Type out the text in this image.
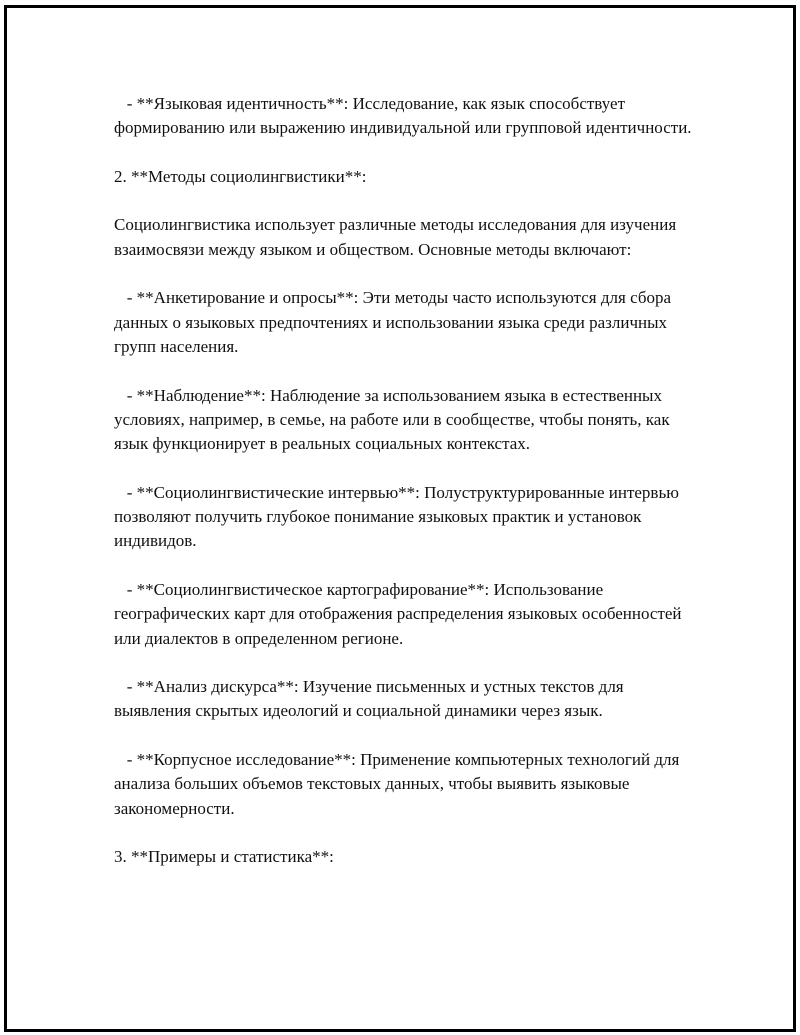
- **Языковая идентичность**: Исследование, как язык способствует формированию или выражению индивидуальной или групповой идентичности.

2. **Методы социолингвистики**:

Социолингвистика использует различные методы исследования для изучения взаимосвязи между языком и обществом. Основные методы включают:

- **Анкетирование и опросы**: Эти методы часто используются для сбора данных о языковых предпочтениях и использовании языка среди различных групп населения.

- **Наблюдение**: Наблюдение за использованием языка в естественных условиях, например, в семье, на работе или в сообществе, чтобы понять, как язык функционирует в реальных социальных контекстах.

- **Социолингвистические интервью**: Полуструктурированные интервью позволяют получить глубокое понимание языковых практик и установок индивидов.

- **Социолингвистическое картографирование**: Использование географических карт для отображения распределения языковых особенностей или диалектов в определенном регионе.

- **Анализ дискурса**: Изучение письменных и устных текстов для выявления скрытых идеологий и социальной динамики через язык.

- **Корпусное исследование**: Применение компьютерных технологий для анализа больших объемов текстовых данных, чтобы выявить языковые закономерности.

3. **Примеры и статистика**:
